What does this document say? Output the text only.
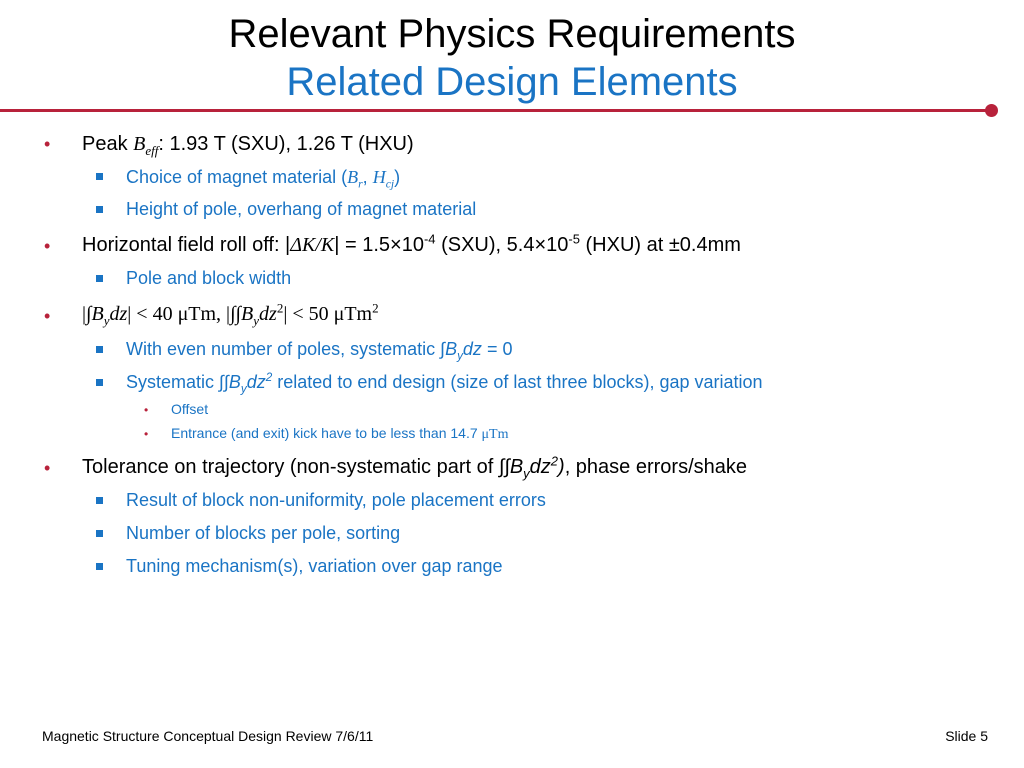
Relevant Physics Requirements
Related Design Elements
• Peak $B_{eff}$: 1.93 T (SXU), 1.26 T (HXU)
Choice of magnet material ($B_r$, $H_{cj}$)
Height of pole, overhang of magnet material
• Horizontal field roll off: $|\Delta K/K| = 1.5\times 10^{-4}$ (SXU), $5.4\times 10^{-5}$ (HXU) at ±0.4mm
Pole and block width
• $|\int B_ydz| < 40$ μTm, $|\int\int B_ydz^2| < 50$ μTm$^2$
With even number of poles, systematic $\int B_ydz = 0$
Systematic $\int\int B_ydz^2$ related to end design (size of last three blocks), gap variation
• Offset
• Entrance (and exit) kick have to be less than 14.7 μTm
• Tolerance on trajectory (non-systematic part of $\int\int B_ydz^2$), phase errors/shake
Result of block non-uniformity, pole placement errors
Number of blocks per pole, sorting
Tuning mechanism(s), variation over gap range
Magnetic Structure Conceptual Design Review 7/6/11	Slide 5
